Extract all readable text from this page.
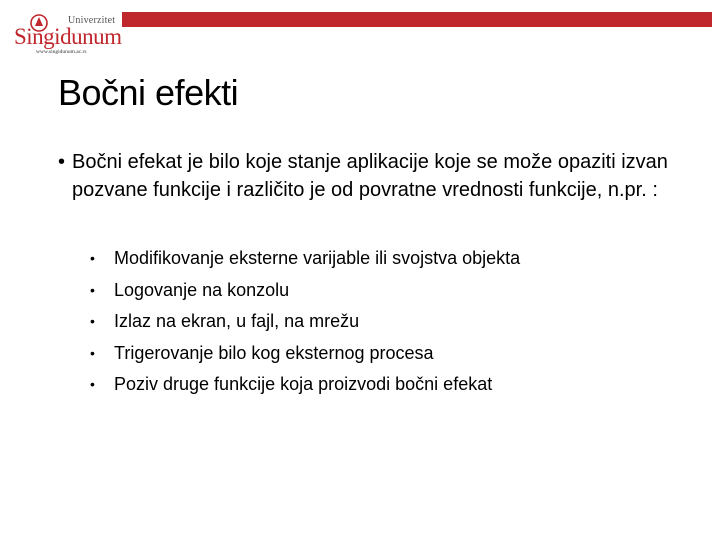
Univerzitet
Singidunum
www.singidunum.ac.rs
Bočni efekti
• Bočni efekat je bilo koje stanje aplikacije koje se može opaziti izvan pozvane funkcije i različito je od povratne vrednosti funkcije, n.pr. :
• Modifikovanje eksterne varijable ili svojstva objekta
• Logovanje na konzolu
• Izlaz na ekran, u fajl, na mrežu
• Trigerovanje bilo kog eksternog procesa
• Poziv druge funkcije koja proizvodi bočni efekat
